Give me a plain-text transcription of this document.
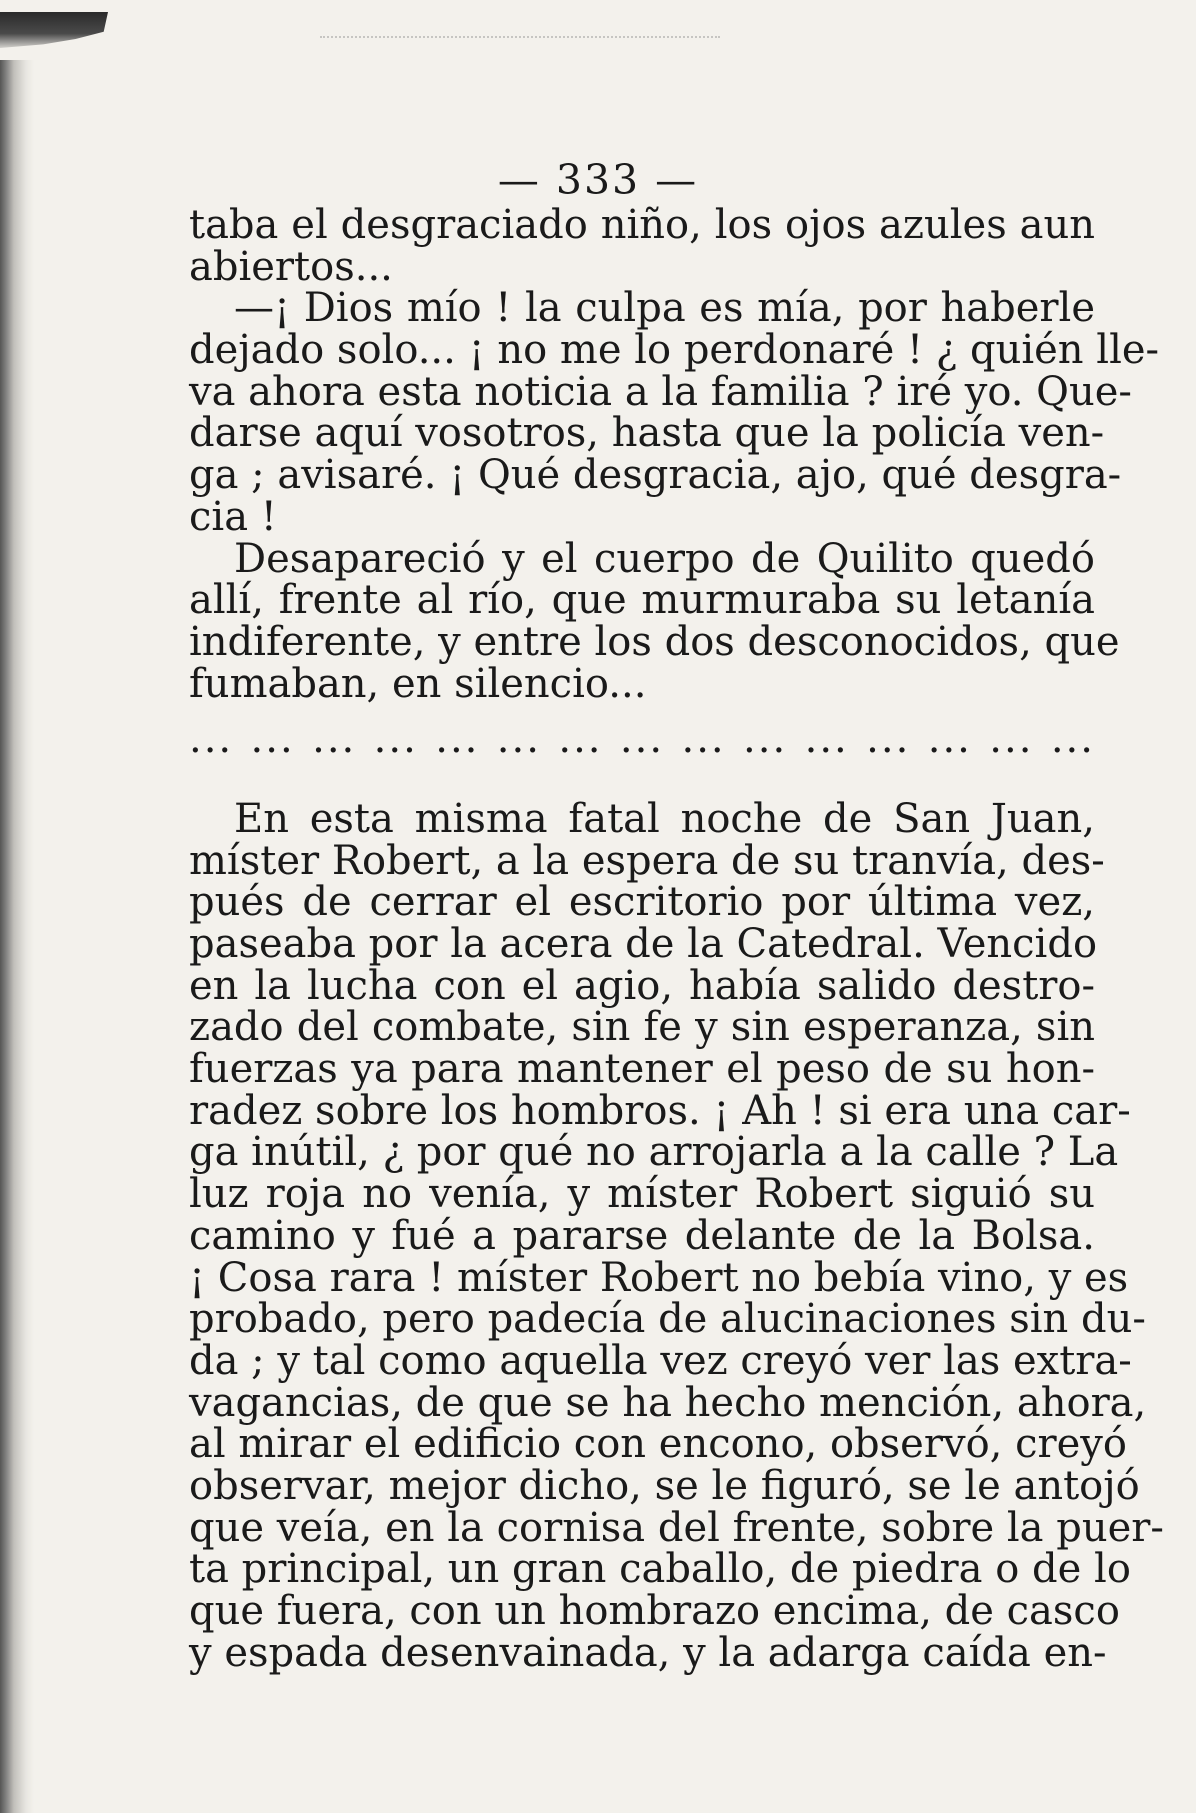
— 333 —
taba el desgraciado niño, los ojos azules aun
abiertos...
—¡ Dios mío ! la culpa es mía, por haberle
dejado solo... ¡ no me lo perdonaré ! ¿ quién lle-
va ahora esta noticia a la familia ? iré yo. Que-
darse aquí vosotros, hasta que la policía ven-
ga ; avisaré. ¡ Qué desgracia, ajo, qué desgra-
cia !
Desapareció y el cuerpo de Quilito quedó
allí, frente al río, que murmuraba su letanía
indiferente, y entre los dos desconocidos, que
fumaban, en silencio...
... ... ... ... ... ... ... ... ... ... ... ... ... ... ...
En esta misma fatal noche de San Juan,
míster Robert, a la espera de su tranvía, des-
pués de cerrar el escritorio por última vez,
paseaba por la acera de la Catedral. Vencido
en la lucha con el agio, había salido destro-
zado del combate, sin fe y sin esperanza, sin
fuerzas ya para mantener el peso de su hon-
radez sobre los hombros. ¡ Ah ! si era una car-
ga inútil, ¿ por qué no arrojarla a la calle ? La
luz roja no venía, y míster Robert siguió su
camino y fué a pararse delante de la Bolsa.
¡ Cosa rara ! míster Robert no bebía vino, y es
probado, pero padecía de alucinaciones sin du-
da ; y tal como aquella vez creyó ver las extra-
vagancias, de que se ha hecho mención, ahora,
al mirar el edificio con encono, observó, creyó
observar, mejor dicho, se le figuró, se le antojó
que veía, en la cornisa del frente, sobre la puer-
ta principal, un gran caballo, de piedra o de lo
que fuera, con un hombrazo encima, de casco
y espada desenvainada, y la adarga caída en-
